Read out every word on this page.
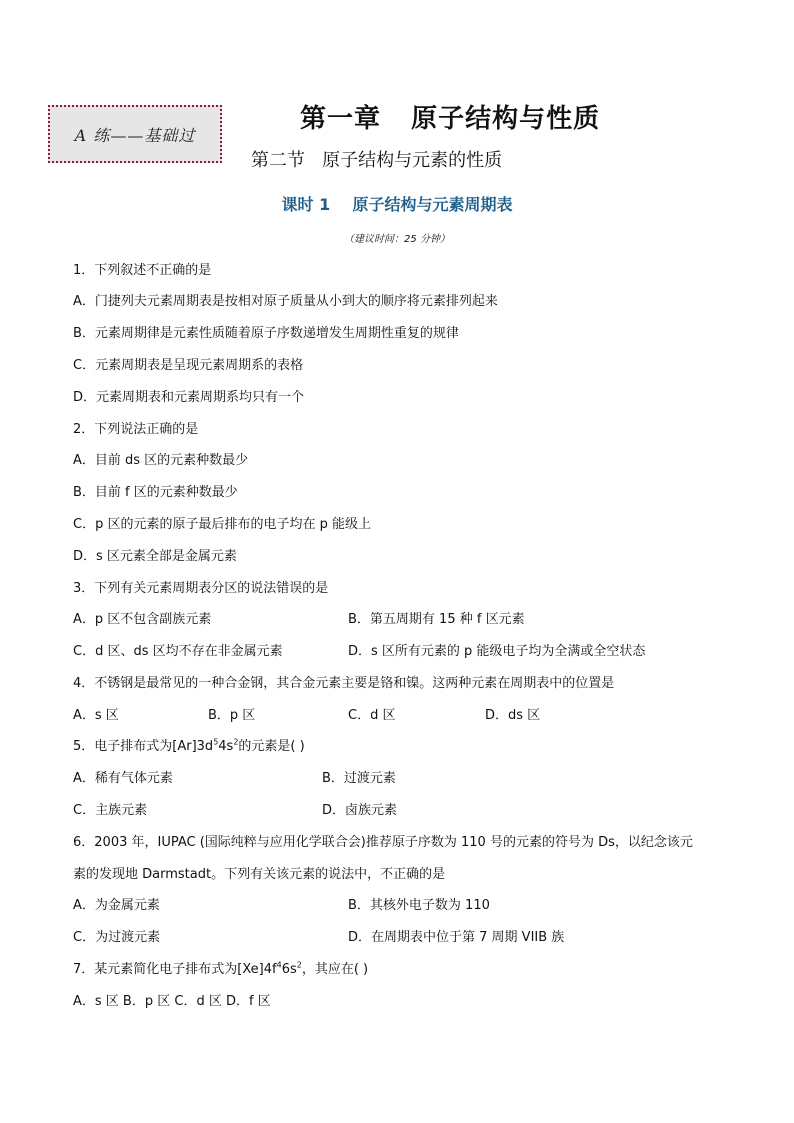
A 练——基础过
第一章   原子结构与性质
第二节   原子结构与元素的性质
课时 1    原子结构与元素周期表
（建议时间：25 分钟）
1．下列叙述不正确的是
A．门捷列夫元素周期表是按相对原子质量从小到大的顺序将元素排列起来
B．元素周期律是元素性质随着原子序数递增发生周期性重复的规律
C．元素周期表是呈现元素周期系的表格
D．元素周期表和元素周期系均只有一个
2．下列说法正确的是
A．目前 ds 区的元素种数最少
B．目前 f 区的元素种数最少
C．p 区的元素的原子最后排布的电子均在 p 能级上
D．s 区元素全部是金属元素
3．下列有关元素周期表分区的说法错误的是
A．p 区不包含副族元素	B．第五周期有 15 种 f 区元素
C．d 区、ds 区均不存在非金属元素	D．s 区所有元素的 p 能级电子均为全满或全空状态
4．不锈钢是最常见的一种合金钢，其合金元素主要是铬和镍。这两种元素在周期表中的位置是
A．s 区	B．p 区	C．d 区	D．ds 区
5．电子排布式为$[Ar]3d^54s^2$的元素是( )
A．稀有气体元素	B．过渡元素
C．主族元素	D．卤族元素
6．2003 年，IUPAC (国际纯粹与应用化学联合会)推荐原子序数为 110 号的元素的符号为 Ds，以纪念该元
素的发现地 Darmstadt。下列有关该元素的说法中，不正确的是
A．为金属元素	B．其核外电子数为 110
C．为过渡元素	D．在周期表中位于第 7 周期 VIIB 族
7．某元素简化电子排布式为$[Xe]4f^46s^2$，其应在( )
A．s 区 B．p 区 C．d 区 D．f 区
